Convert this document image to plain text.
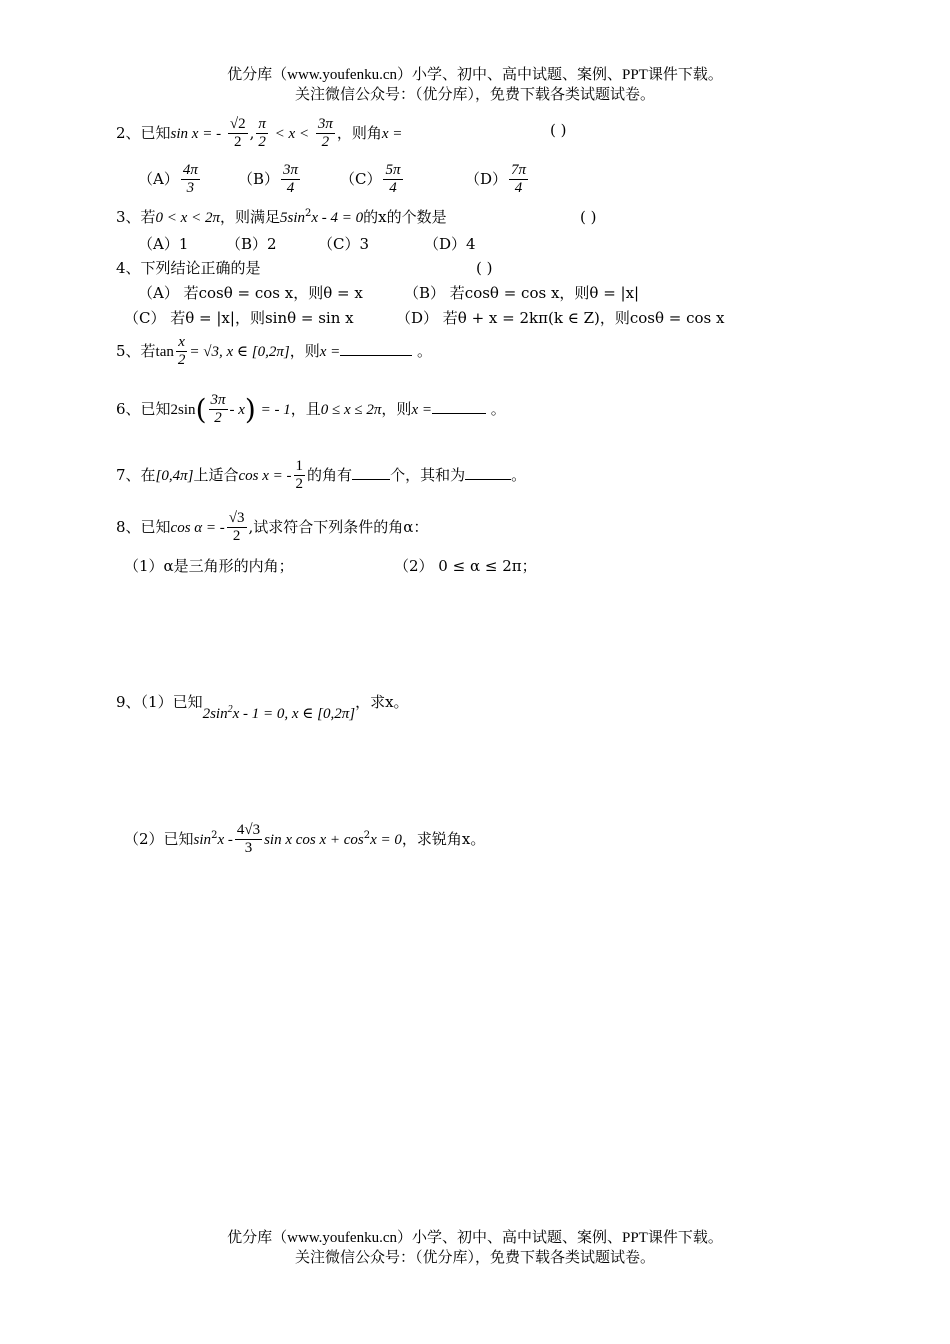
优分库（www.youfenku.cn）小学、初中、高中试题、案例、PPT课件下载。
关注微信公众号：（优分库），免费下载各类试题试卷。
2、已知sin x = - $\frac{√2}{2}$ , $\frac{\pi}{2} < x < \frac{3\pi}{2}$ ，则角x =	( )
$(A) \frac{4\pi}{3}$	$(B) \frac{3\pi}{4}$	$(C) \frac{5\pi}{4}$	$(D) \frac{7\pi}{4}$
3、若0 < x < 2π，则满足$5\sin^2x - 4 = 0$的x的个数是	( )
（A）1	（B）2	（C）3	（D）4
4、下列结论正确的是	( )
（A） 若cosθ = cos x，则θ = x	（B） 若cosθ = cos x，则θ = |x|
（C） 若θ = |x|，则sinθ = sin x	（D） 若θ + x = 2kπ(k ∈ Z)，则cosθ = cos x
5、若$\tan \frac{x}{2} = √3$, x ∈ [0,2π]，则x =	。
6、已知$2\sin( \frac{3\pi}{2} - x)$ = - 1，且0 ≤ x ≤ 2π，则x =	。
7、在[0,4π]上适合cos x = - $\frac{1}{2}$ 的角有	个，其和为	。
8、已知cos α = - $\frac{√3}{2}$ ,试求符合下列条件的角α：
（1）α是三角形的内角；	（2） 0 ≤ α ≤ 2π；
9、（1）已知$2\sin^2x - 1 = 0$, x ∈ [0,2π]，求x。
（2）已知$\sin^2x - \frac{4√3}{3}$ sin x $\cos x + \cos^2x = 0$，求锐角x。
优分库（www.youfenku.cn）小学、初中、高中试题、案例、PPT课件下载。
关注微信公众号：（优分库），免费下载各类试题试卷。
